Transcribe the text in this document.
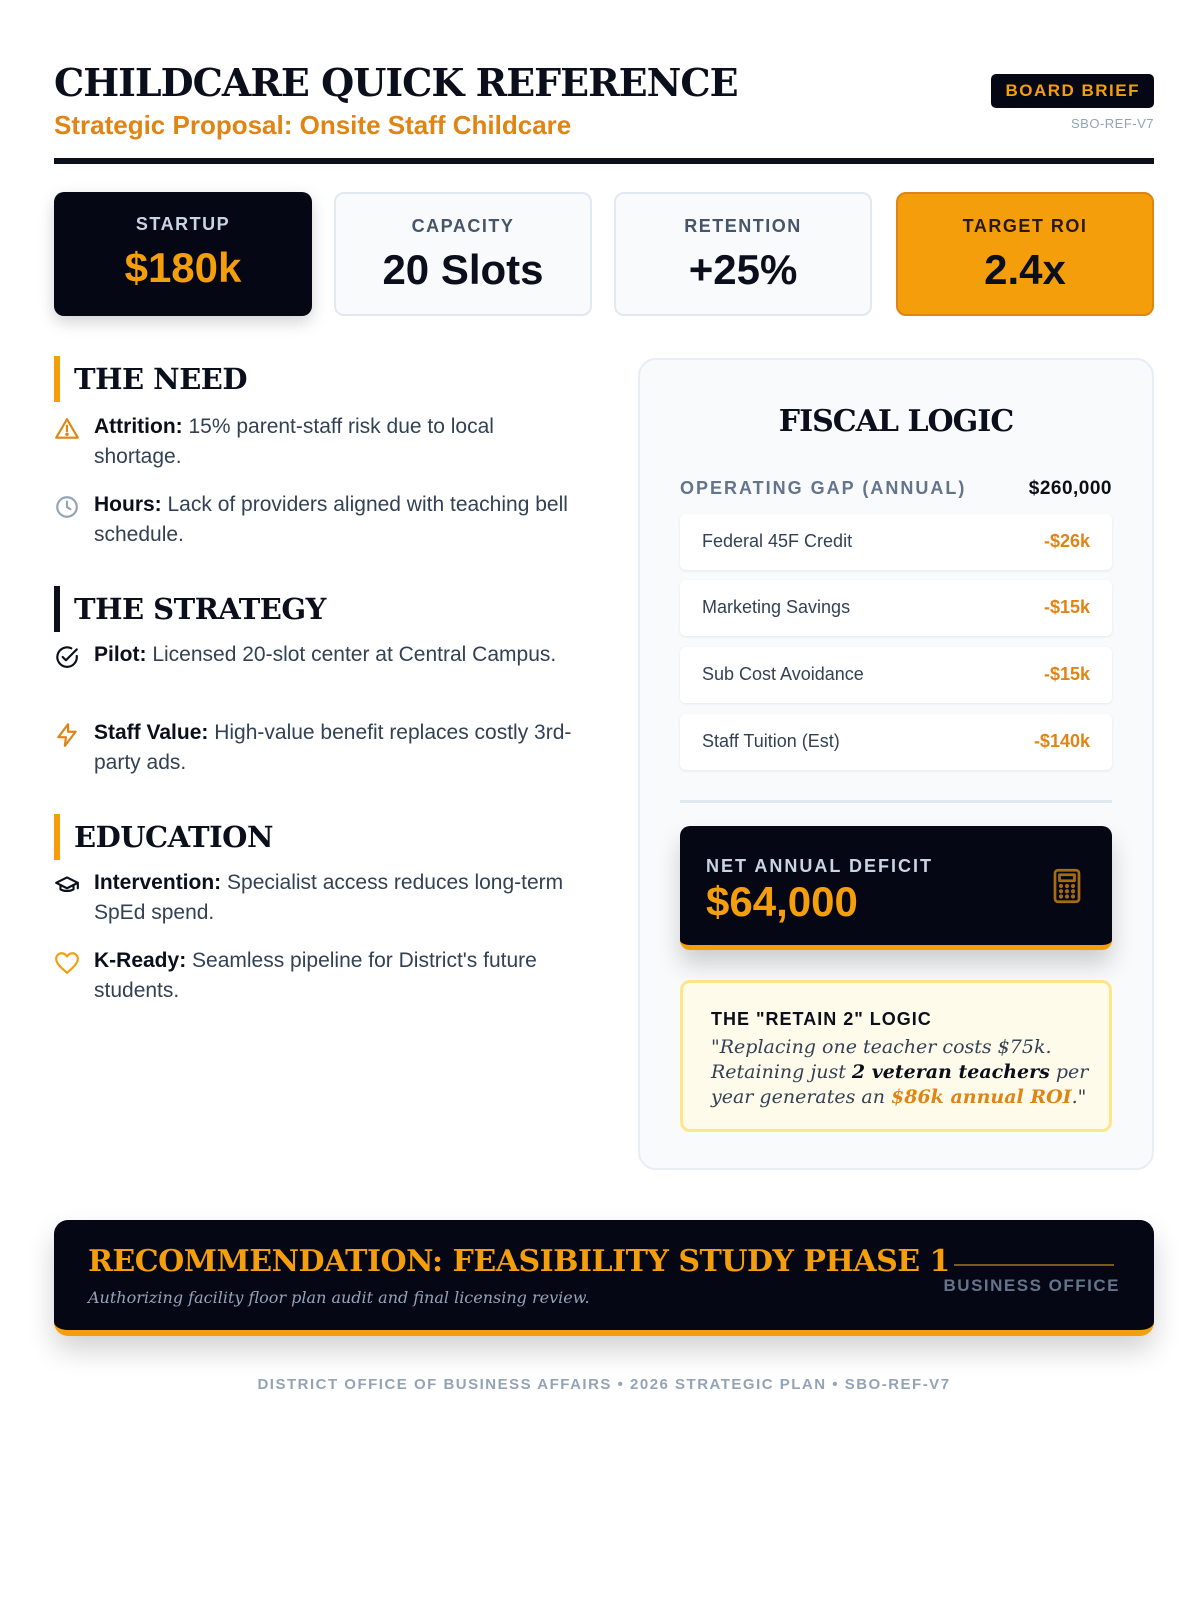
CHILDCARE QUICK REFERENCE
Strategic Proposal: Onsite Staff Childcare
BOARD BRIEF
SBO-REF-V7
STARTUP
$180k
CAPACITY
20 Slots
RETENTION
+25%
TARGET ROI
2.4x
THE NEED
Attrition: 15% parent-staff risk due to local shortage.
Hours: Lack of providers aligned with teaching bell schedule.
THE STRATEGY
Pilot: Licensed 20-slot center at Central Campus.
Staff Value: High-value benefit replaces costly 3rd-party ads.
EDUCATION
Intervention: Specialist access reduces long-term SpEd spend.
K-Ready: Seamless pipeline for District's future students.
FISCAL LOGIC
OPERATING GAP (ANNUAL)	$260,000
Federal 45F Credit	-$26k
Marketing Savings	-$15k
Sub Cost Avoidance	-$15k
Staff Tuition (Est)	-$140k
NET ANNUAL DEFICIT
$64,000
THE "RETAIN 2" LOGIC
"Replacing one teacher costs $75k. Retaining just 2 veteran teachers per year generates an $86k annual ROI."
RECOMMENDATION: FEASIBILITY STUDY PHASE 1
Authorizing facility floor plan audit and final licensing review.
BUSINESS OFFICE
DISTRICT OFFICE OF BUSINESS AFFAIRS • 2026 STRATEGIC PLAN • SBO-REF-V7
